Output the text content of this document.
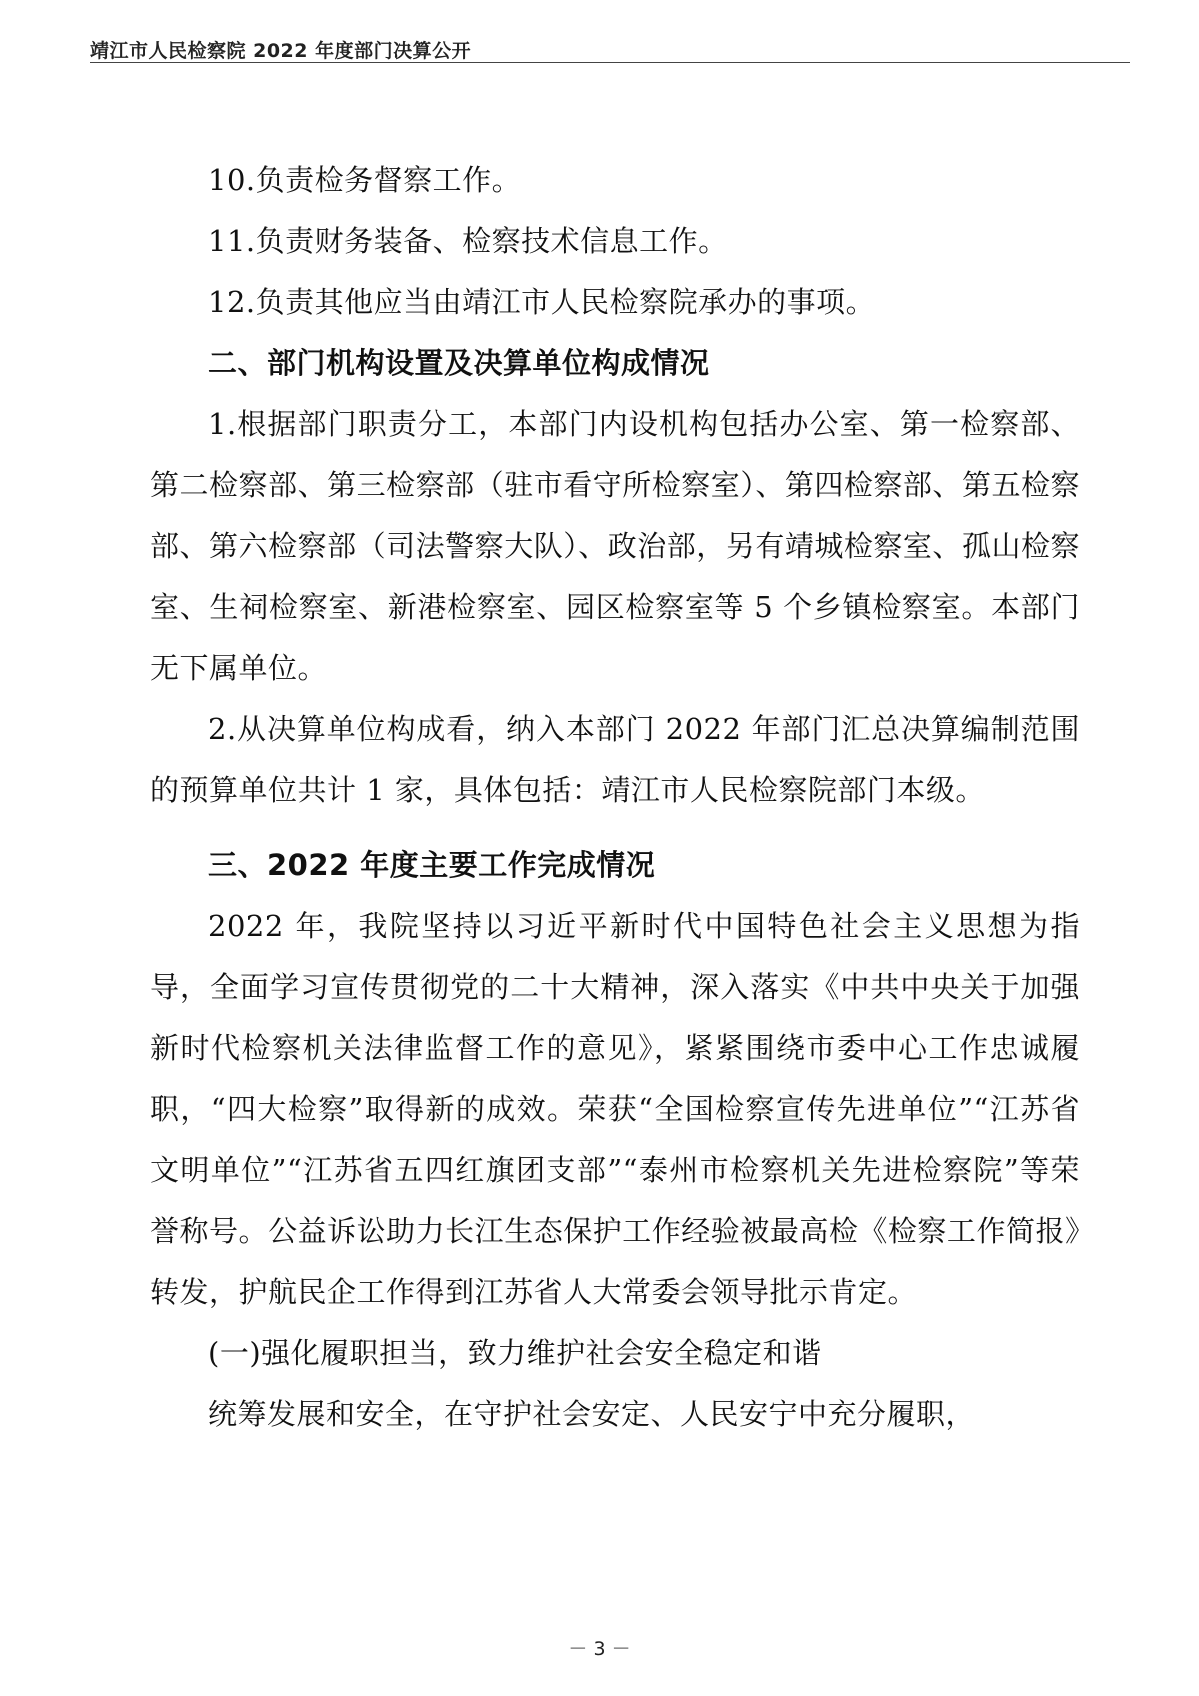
靖江市人民检察院 2022 年度部门决算公开

10.负责检务督察工作。

11.负责财务装备、检察技术信息工作。

12.负责其他应当由靖江市人民检察院承办的事项。

二、部门机构设置及决算单位构成情况

1.根据部门职责分工，本部门内设机构包括办公室、第一检察部、第二检察部、第三检察部（驻市看守所检察室）、第四检察部、第五检察部、第六检察部（司法警察大队）、政治部，另有靖城检察室、孤山检察室、生祠检察室、新港检察室、园区检察室等 5 个乡镇检察室。本部门无下属单位。

2.从决算单位构成看，纳入本部门 2022 年部门汇总决算编制范围的预算单位共计 1 家，具体包括：靖江市人民检察院部门本级。

三、2022 年度主要工作完成情况

2022 年，我院坚持以习近平新时代中国特色社会主义思想为指导，全面学习宣传贯彻党的二十大精神，深入落实《中共中央关于加强新时代检察机关法律监督工作的意见》，紧紧围绕市委中心工作忠诚履职，“四大检察”取得新的成效。荣获“全国检察宣传先进单位”“江苏省文明单位”“江苏省五四红旗团支部”“泰州市检察机关先进检察院”等荣誉称号。公益诉讼助力长江生态保护工作经验被最高检《检察工作简报》转发，护航民企工作得到江苏省人大常委会领导批示肯定。

(一)强化履职担当，致力维护社会安全稳定和谐

统筹发展和安全，在守护社会安定、人民安宁中充分履职，

－ 3 －
